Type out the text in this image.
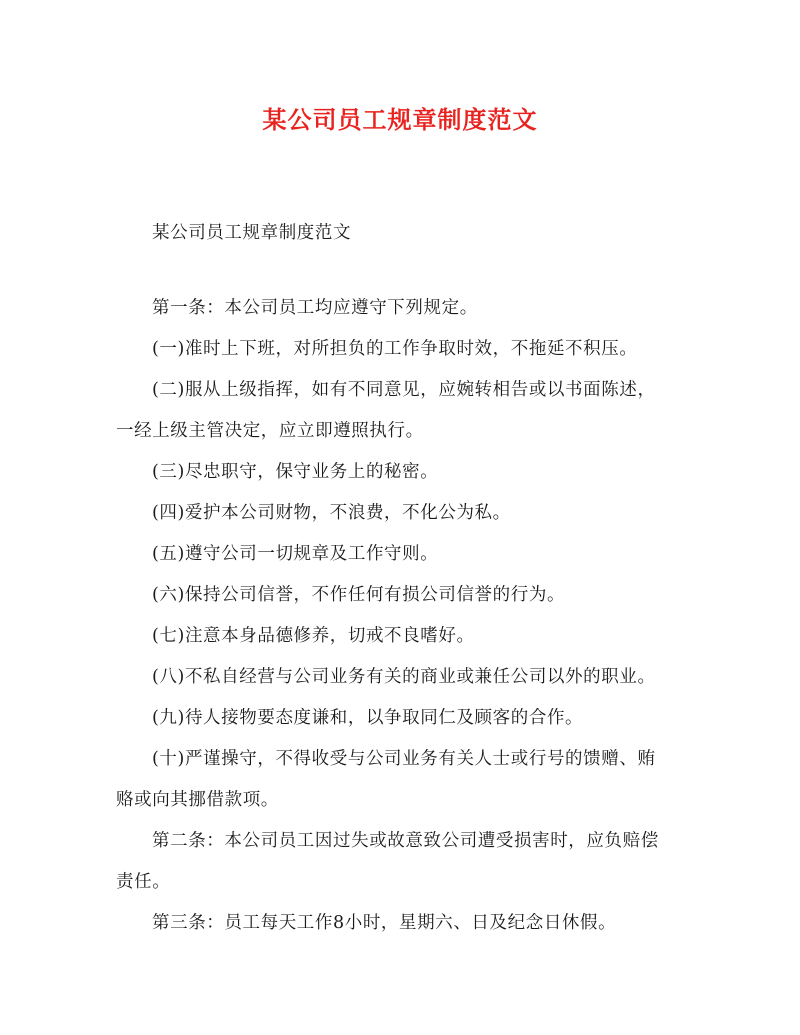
某公司员工规章制度范文

某公司员工规章制度范文

第一条：本公司员工均应遵守下列规定。

(一)准时上下班，对所担负的工作争取时效，不拖延不积压。

(二)服从上级指挥，如有不同意见，应婉转相告或以书面陈述，一经上级主管决定，应立即遵照执行。

(三)尽忠职守，保守业务上的秘密。

(四)爱护本公司财物，不浪费，不化公为私。

(五)遵守公司一切规章及工作守则。

(六)保持公司信誉，不作任何有损公司信誉的行为。

(七)注意本身品德修养，切戒不良嗜好。

(八)不私自经营与公司业务有关的商业或兼任公司以外的职业。

(九)待人接物要态度谦和，以争取同仁及顾客的合作。

(十)严谨操守，不得收受与公司业务有关人士或行号的馈赠、贿赂或向其挪借款项。

第二条：本公司员工因过失或故意致公司遭受损害时，应负赔偿责任。

第三条：员工每天工作8小时，星期六、日及纪念日休假。
